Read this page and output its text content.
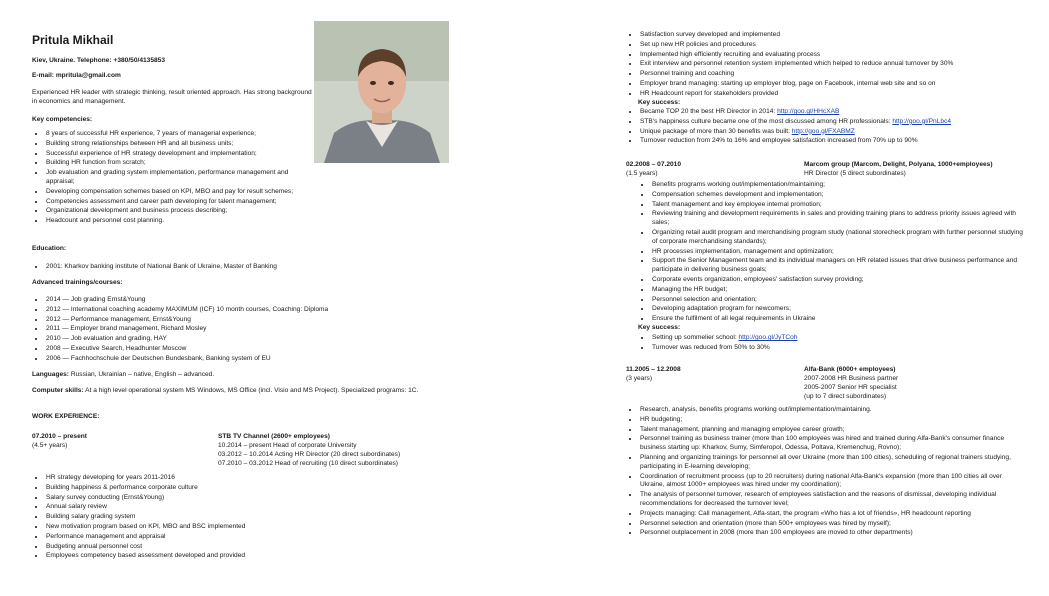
Pritula Mikhail
Kiev, Ukraine. Telephone: +380/50/4135853
E-mail: mpritula@gmail.com
Experienced HR leader with strategic thinking, result oriented approach. Has strong background in economics and management.
Key competencies:
8 years of successful HR experience, 7 years of managerial experience;
Building strong relationships between HR and all business units;
Successful experience of HR strategy development and implementation;
Building HR function from scratch;
Job evaluation and grading system implementation, performance management and appraisal;
Developing compensation schemes based on KPI, MBO and pay for result schemes;
Competencies assessment and career path developing for talent management;
Organizational development and business process describing;
Headcount and personnel cost planning.
Education:
2001: Kharkov banking institute of National Bank of Ukraine, Master of Banking
Advanced trainings/courses:
2014 — Job grading Ernst&Young
2012 — International coaching academy MAXIMUM (ICF) 10 month courses, Coaching: Diploma
2012 — Performance management, Ernst&Young
2011 — Employer brand management, Richard Mosley
2010 — Job evaluation and grading, HAY
2008 — Executive Search, Headhunter Moscow
2006 — Fachhochschule der Deutschen Bundesbank, Banking system of EU
Languages: Russian, Ukrainian – native, English – advanced.
Computer skills: At a high level operational system MS Windows, MS Office (incl. Visio and MS Project). Specialized programs: 1C.
WORK EXPERIENCE:
07.2010 – present
(4.5+ years)
STB TV Channel (2600+ employees)
10.2014 – present Head of corporate University
03.2012 – 10.2014 Acting HR Director (20 direct subordinates)
07.2010 – 03.2012 Head of recruiting (10 direct subordinates)
HR strategy developing for years 2011-2016
Building happiness & performance corporate culture
Salary survey conducting (Ernst&Young)
Annual salary review
Building salary grading system
New motivation program based on KPI, MBO and BSC implemented
Performance management and appraisal
Budgeting annual personnel cost
Employees competency based assessment developed and provided
Satisfaction survey developed and implemented
Set up new HR policies and procedures
Implemented high efficiently recruiting and evaluating process
Exit interview and personnel retention system implemented which helped to reduce annual turnover by 30%
Personnel training and coaching
Employer brand managing: starting up employer blog, page on Facebook, internal web site and so on
HR Headcount report for stakeholders provided
Key success:
Became TOP 20 the best HR Director in 2014: http://goo.gl/HHcXAB
STB's happiness culture became one of the most discussed among HR professionals: http://goo.gl/PnLbc4
Unique package of more than 30 benefits was built: http://goo.gl/FXABMZ
Turnover reduction from 24% to 16% and employee satisfaction increased from 70% up to 90%
02.2008 – 07.2010
(1.5 years)
Marcom group (Marcom, Delight, Polyana, 1000+employees)
HR Director (5 direct subordinates)
Benefits programs working out/implementation/maintaining;
Compensation schemes development and implementation;
Talent management and key employee internal promotion;
Reviewing training and development requirements in sales and providing training plans to address priority issues agreed with sales;
Organizing retail audit program and merchandising program study (national storecheck program with further personnel studying of corporate merchandising standards);
HR processes implementation, management and optimization;
Support the Senior Management team and its individual managers on HR related issues that drive business performance and participate in delivering business goals;
Corporate events organization, employees' satisfaction survey providing;
Managing the HR budget;
Personnel selection and orientation;
Developing adaptation program for newcomers;
Ensure the fulfilment of all legal requirements in Ukraine
Key success:
Setting up sommelier school: http://goo.gl/JyTCoh
Turnover was reduced from 50% to 30%
11.2005 – 12.2008
(3 years)
Alfa-Bank (6000+ employees)
2007-2008 HR Business partner
2005-2007 Senior HR specialist
(up to 7 direct subordinates)
Research, analysis, benefits programs working out/implementation/maintaining.
HR budgeting;
Talent management, planning and managing employee career growth;
Personnel training as business trainer (more than 100 employees was hired and trained during Alfa-Bank's consumer finance business starting up: Kharkov, Sumy, Simferopol, Odessa, Poltava, Kremenchug, Rovno);
Planning and organizing trainings for personnel all over Ukraine (more than 100 cities), scheduling of regional trainers studying, participating in E-learning developing;
Coordination of recruitment process (up to 20 recruiters) during national Alfa-Bank's expansion (more than 100 cities all over Ukraine, almost 1000+ employees was hired under my coordination);
The analysis of personnel turnover, research of employees satisfaction and the reasons of dismissal, developing individual recommendations for decreased the turnover level;
Projects managing: Call management, Alfa-start, the program «Who has a lot of friends», HR headcount reporting
Personnel selection and orientation (more than 500+ employees was hired by myself);
Personnel outplacement in 2008 (more than 100 employees are moved to other departments)
